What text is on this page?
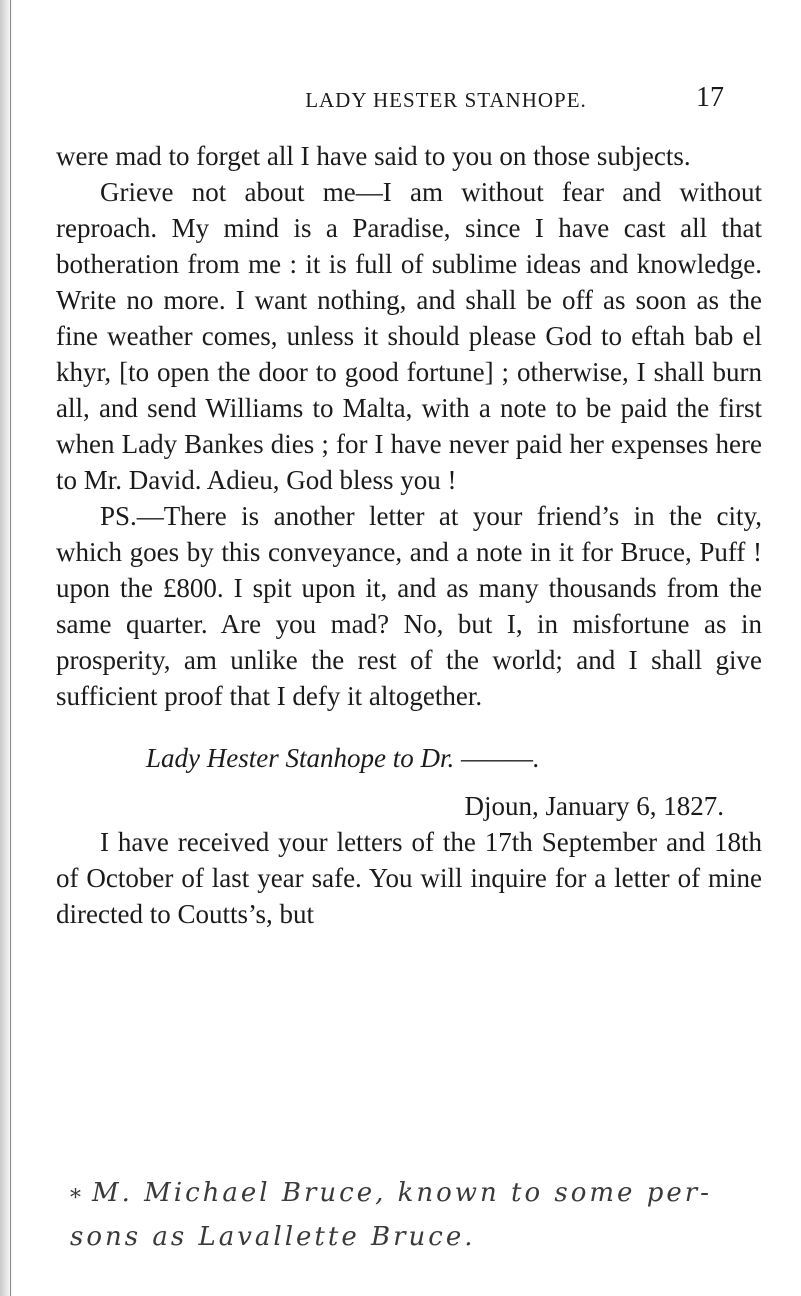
LADY HESTER STANHOPE.	17

were mad to forget all I have said to you on those subjects.

Grieve not about me—I am without fear and without reproach. My mind is a Paradise, since I have cast all that botheration from me : it is full of sublime ideas and knowledge. Write no more. I want nothing, and shall be off as soon as the fine weather comes, unless it should please God to eftah bab el khyr, [to open the door to good fortune] ; otherwise, I shall burn all, and send Williams to Malta, with a note to be paid the first when Lady Bankes dies ; for I have never paid her expenses here to Mr. David. Adieu, God bless you !

PS.—There is another letter at your friend’s in the city, which goes by this conveyance, and a note in it for Bruce, Puff ! upon the £800. I spit upon it, and as many thousands from the same quarter. Are you mad? No, but I, in misfortune as in prosperity, am unlike the rest of the world; and I shall give sufficient proof that I defy it altogether.

Lady Hester Stanhope to Dr. ———.

Djoun, January 6, 1827.

I have received your letters of the 17th September and 18th of October of last year safe. You will inquire for a letter of mine directed to Coutts’s, but

* M. Michael Bruce, known to some per-
sons as Lavallette Bruce.
